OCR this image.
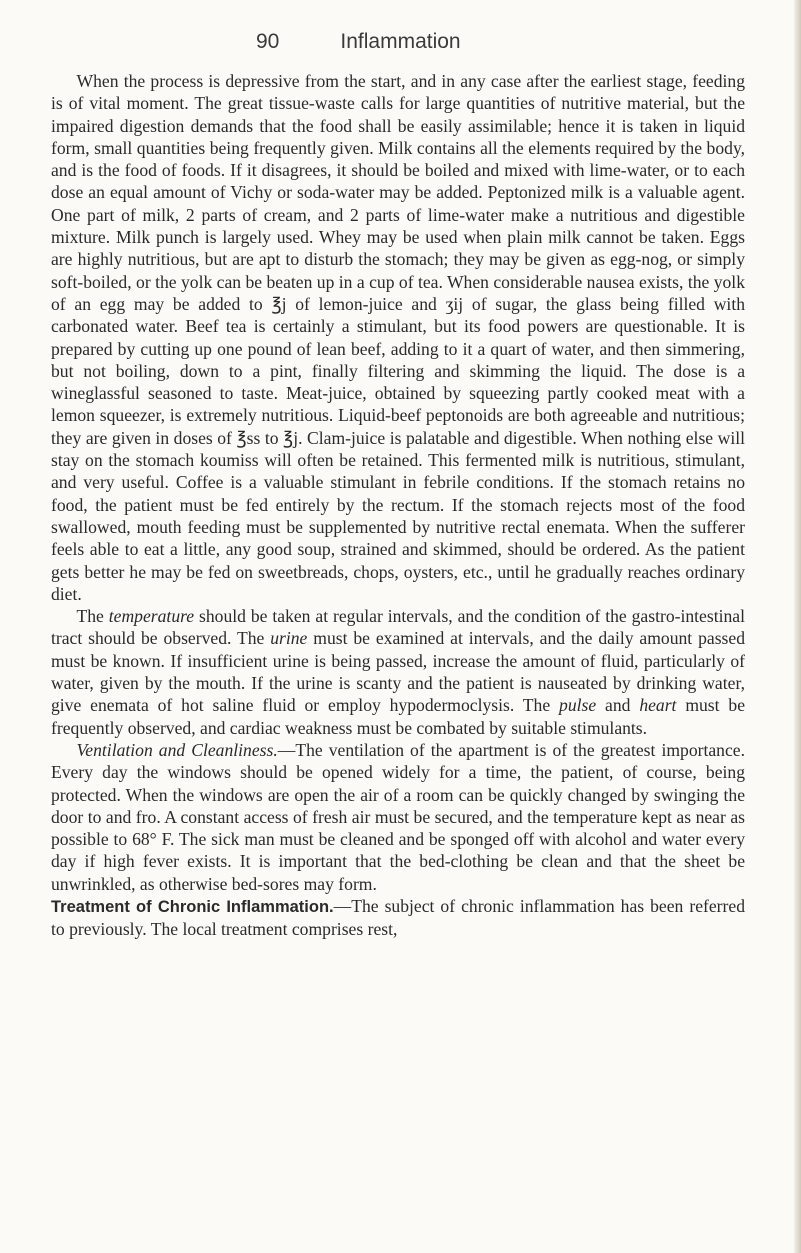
90	Inflammation

When the process is depressive from the start, and in any case after the earliest stage, feeding is of vital moment. The great tissue-waste calls for large quantities of nutritive material, but the impaired digestion demands that the food shall be easily assimilable; hence it is taken in liquid form, small quantities being frequently given. Milk contains all the elements required by the body, and is the food of foods. If it disagrees, it should be boiled and mixed with lime-water, or to each dose an equal amount of Vichy or soda-water may be added. Peptonized milk is a valuable agent. One part of milk, 2 parts of cream, and 2 parts of lime-water make a nutritious and digestible mixture. Milk punch is largely used. Whey may be used when plain milk cannot be taken. Eggs are highly nutritious, but are apt to disturb the stomach; they may be given as egg-nog, or simply soft-boiled, or the yolk can be beaten up in a cup of tea. When considerable nausea exists, the yolk of an egg may be added to ℥j of lemon-juice and ʒij of sugar, the glass being filled with carbonated water. Beef tea is certainly a stimulant, but its food powers are questionable. It is prepared by cutting up one pound of lean beef, adding to it a quart of water, and then simmering, but not boiling, down to a pint, finally filtering and skimming the liquid. The dose is a wineglassful seasoned to taste. Meat-juice, obtained by squeezing partly cooked meat with a lemon squeezer, is extremely nutritious. Liquid-beef peptonoids are both agreeable and nutritious; they are given in doses of ℥ss to ℥j. Clam-juice is palatable and digestible. When nothing else will stay on the stomach koumiss will often be retained. This fermented milk is nutritious, stimulant, and very useful. Coffee is a valuable stimulant in febrile conditions. If the stomach retains no food, the patient must be fed entirely by the rectum. If the stomach rejects most of the food swallowed, mouth feeding must be supplemented by nutritive rectal enemata. When the sufferer feels able to eat a little, any good soup, strained and skimmed, should be ordered. As the patient gets better he may be fed on sweetbreads, chops, oysters, etc., until he gradually reaches ordinary diet.

The temperature should be taken at regular intervals, and the condition of the gastro-intestinal tract should be observed. The urine must be examined at intervals, and the daily amount passed must be known. If insufficient urine is being passed, increase the amount of fluid, particularly of water, given by the mouth. If the urine is scanty and the patient is nauseated by drinking water, give enemata of hot saline fluid or employ hypodermoclysis. The pulse and heart must be frequently observed, and cardiac weakness must be combated by suitable stimulants.

Ventilation and Cleanliness.—The ventilation of the apartment is of the greatest importance. Every day the windows should be opened widely for a time, the patient, of course, being protected. When the windows are open the air of a room can be quickly changed by swinging the door to and fro. A constant access of fresh air must be secured, and the temperature kept as near as possible to 68° F. The sick man must be cleaned and be sponged off with alcohol and water every day if high fever exists. It is important that the bed-clothing be clean and that the sheet be unwrinkled, as otherwise bed-sores may form.

Treatment of Chronic Inflammation.—The subject of chronic inflammation has been referred to previously. The local treatment comprises rest,
